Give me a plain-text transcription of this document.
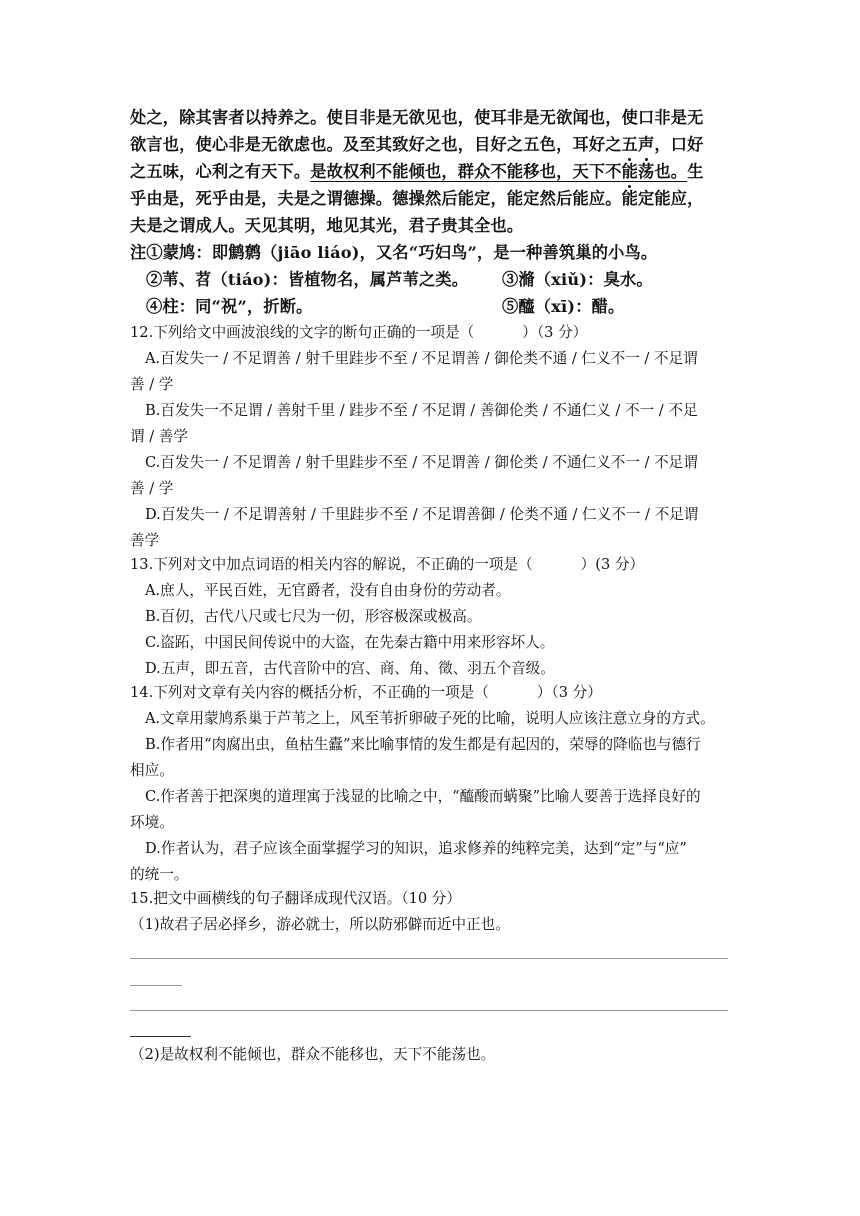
处之，除其害者以持养之。使目非是无欲见也，使耳非是无欲闻也，使口非是无
欲言也，使心非是无欲虑也。及至其致好之也，目好之五色，耳好之五声，口好
之五味，心利之有天下。是故权利不能倾也，群众不能移也，天下不能荡也。生
乎由是，死乎由是，夫是之谓德操。德操然后能定，能定然后能应。能定能应，
夫是之谓成人。天见其明，地见其光，君子贵其全也。
注①蒙鸠：即鹪鹩（jiāo liáo)，又名“巧妇鸟”，是一种善筑巢的小鸟。
②苇、苕（tiáo)：皆植物名，属芦苇之类。 ③滫（xiǔ)：臭水。
④柱：同“祝”，折断。	⑤醯（xī)：醋。
12.下列给文中画波浪线的文字的断句正确的一项是（	）（3 分）
A.百发失一 / 不足谓善 / 射千里跬步不至 / 不足谓善 / 御伦类不通 / 仁义不一 / 不足谓
善 / 学
B.百发失一不足谓 / 善射千里 / 跬步不至 / 不足谓 / 善御伦类 / 不通仁义 / 不一 / 不足
谓 / 善学
C.百发失一 / 不足谓善 / 射千里跬步不至 / 不足谓善 / 御伦类 / 不通仁义不一 / 不足谓
善 / 学
D.百发失一 / 不足谓善射 / 千里跬步不至 / 不足谓善御 / 伦类不通 / 仁义不一 / 不足谓
善学
13.下列对文中加点词语的相关内容的解说，不正确的一项是（	）(3 分）
A.庶人，平民百姓，无官爵者，没有自由身份的劳动者。
B.百仞，古代八尺或七尺为一仞，形容极深或极高。
C.盗跖，中国民间传说中的大盗，在先秦古籍中用来形容坏人。
D.五声，即五音，古代音阶中的宫、商、角、徵、羽五个音级。
14.下列对文章有关内容的概括分析，不正确的一项是（	）（3 分）
A.文章用蒙鸠系巢于芦苇之上，风至苇折卵破子死的比喻，说明人应该注意立身的方式。
B.作者用“肉腐出虫，鱼枯生蠹”来比喻事情的发生都是有起因的，荣辱的降临也与德行
相应。
C.作者善于把深奥的道理寓于浅显的比喻之中，“醯酸而蜹聚”比喻人要善于选择良好的
环境。
D.作者认为，君子应该全面掌握学习的知识，追求修养的纯粹完美，达到“定”与“应”
的统一。
15.把文中画横线的句子翻译成现代汉语。（10 分）
（1)故君子居必择乡，游必就士，所以防邪僻而近中正也。
（2)是故权利不能倾也，群众不能移也，天下不能荡也。
